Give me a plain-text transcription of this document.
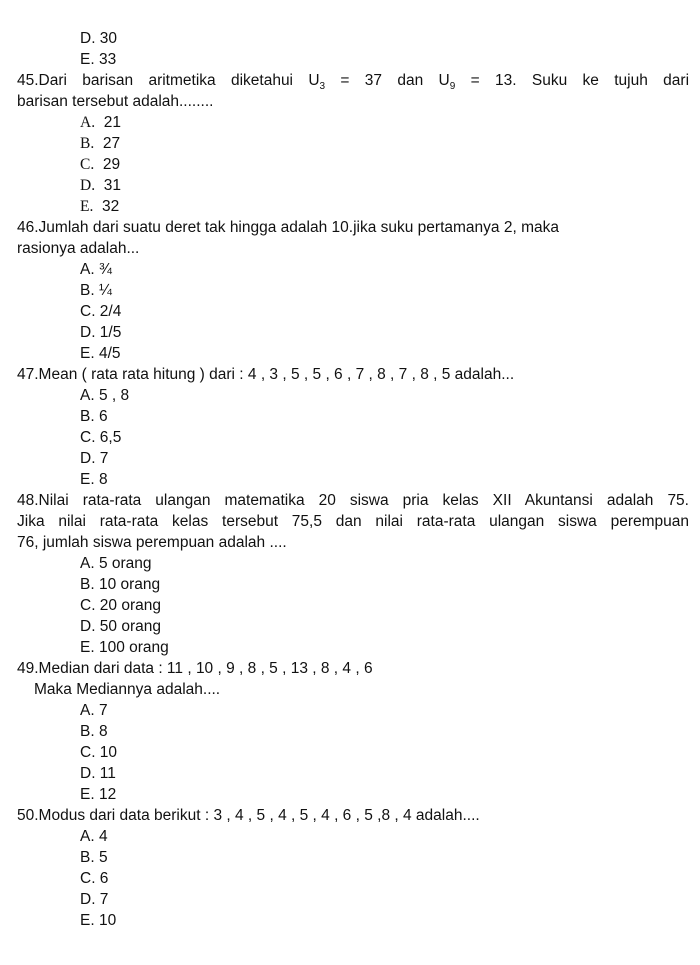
D. 30
E. 33
45.Dari barisan aritmetika diketahui $U_3 = 37$ dan $U_9 = 13$. Suku ke tujuh dari
barisan tersebut adalah........
A. 21
B. 27
C. 29
D. 31
E. 32
46.Jumlah dari suatu deret tak hingga adalah 10.jika suku pertamanya 2, maka
rasionya adalah...
A. ¾
B. ¼
C. 2/4
D. 1/5
E. 4/5
47.Mean ( rata rata hitung ) dari : 4 , 3 , 5 , 5 , 6 , 7 , 8 , 7 , 8 , 5 adalah...
A. 5 , 8
B. 6
C. 6,5
D. 7
E. 8
48.Nilai rata-rata ulangan matematika 20 siswa pria kelas XII Akuntansi adalah 75.
Jika nilai rata-rata kelas tersebut 75,5 dan nilai rata-rata ulangan siswa perempuan
76, jumlah siswa perempuan adalah ....
A. 5 orang
B. 10 orang
C. 20 orang
D. 50 orang
E. 100 orang
49.Median dari data : 11 , 10 , 9 , 8 , 5 , 13 , 8 , 4 , 6
Maka Mediannya adalah....
A. 7
B. 8
C. 10
D. 11
E. 12
50.Modus dari data berikut : 3 , 4 , 5 , 4 , 5 , 4 , 6 , 5 ,8 , 4 adalah....
A. 4
B. 5
C. 6
D. 7
E. 10
